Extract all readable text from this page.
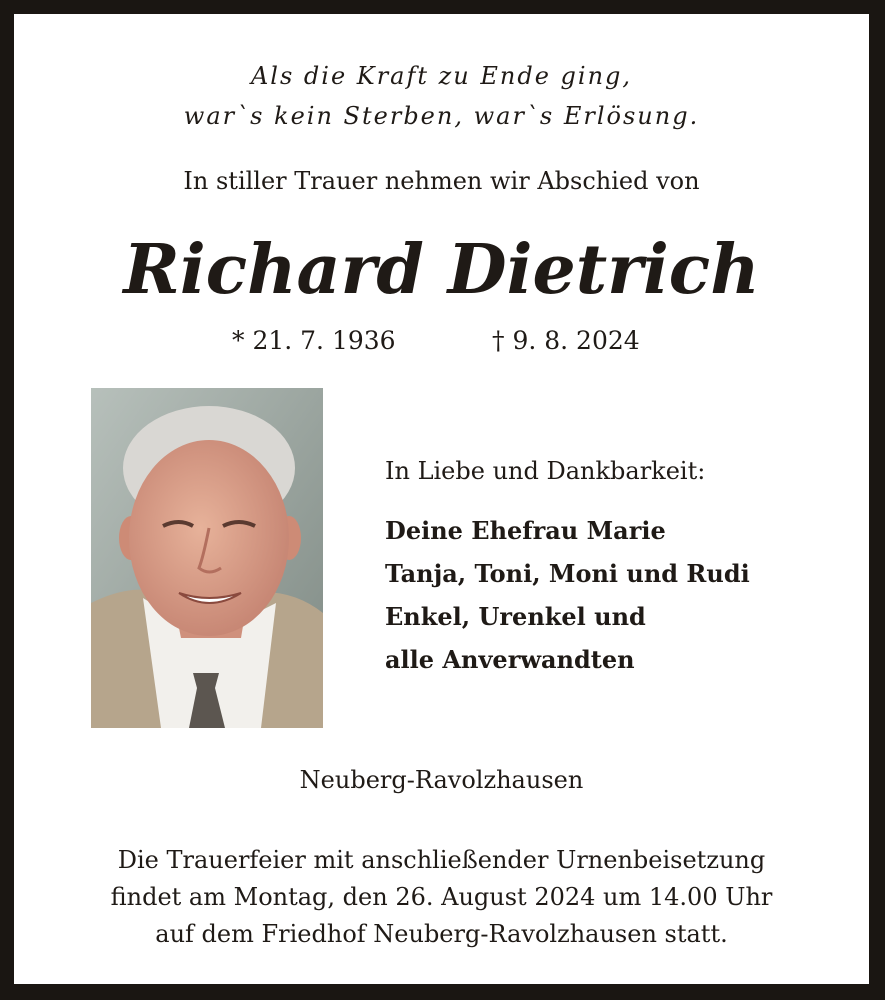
Als die Kraft zu Ende ging,
war`s kein Sterben, war`s Erlösung.
In stiller Trauer nehmen wir Abschied von
Richard Dietrich
* 21. 7. 1936	† 9. 8. 2024
In Liebe und Dankbarkeit:
Deine Ehefrau Marie
Tanja, Toni, Moni und Rudi
Enkel, Urenkel und
alle Anverwandten
Neuberg-Ravolzhausen
Die Trauerfeier mit anschließender Urnenbeisetzung
findet am Montag, den 26. August 2024 um 14.00 Uhr
auf dem Friedhof Neuberg-Ravolzhausen statt.
